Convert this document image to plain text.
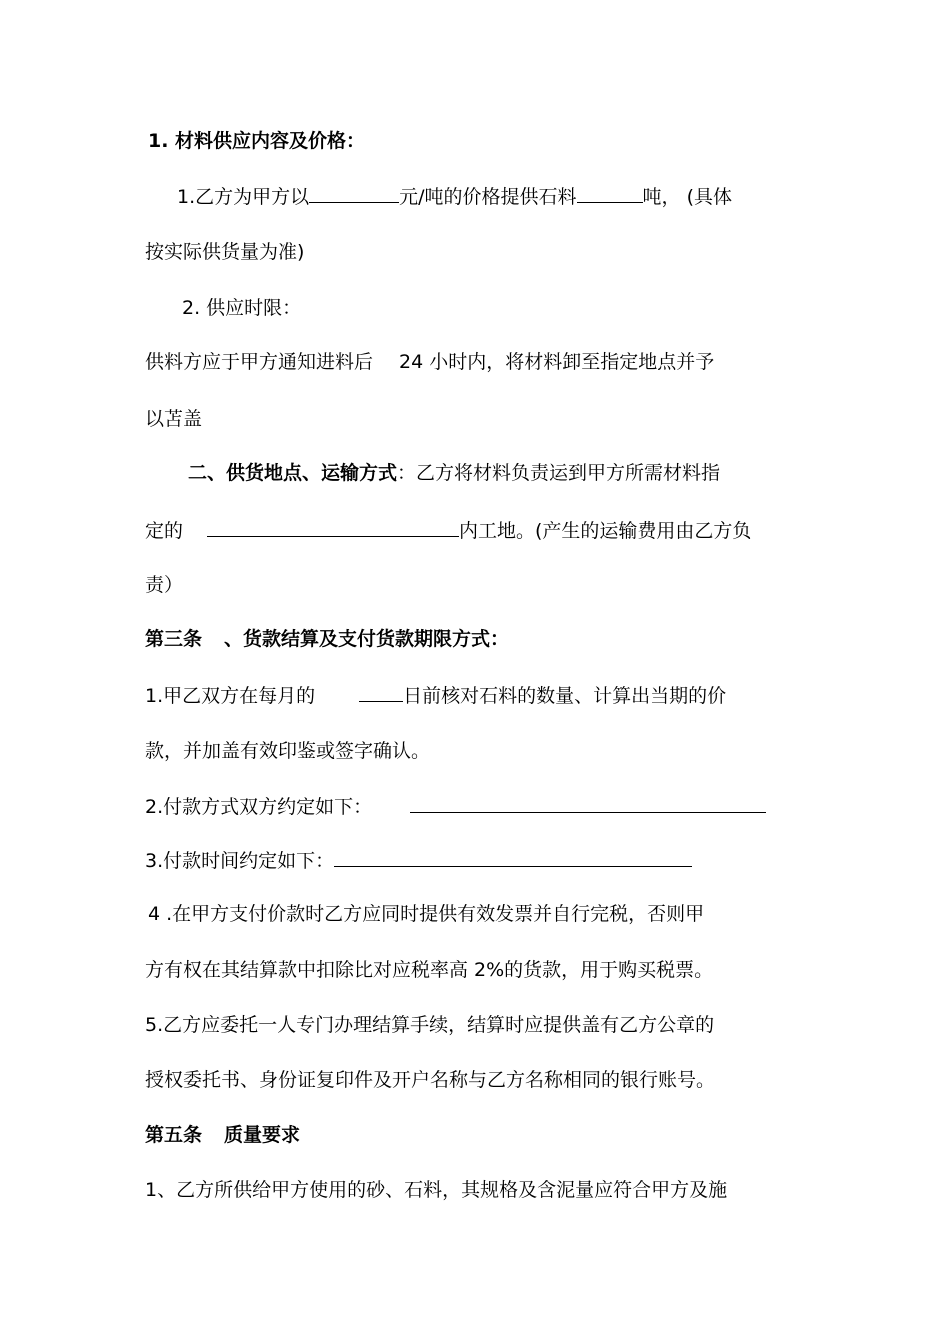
1. 材料供应内容及价格：
1.乙方为甲方以	元/吨的价格提供石料	吨， (具体
按实际供货量为准)
2. 供应时限：
供料方应于甲方通知进料后 24 小时内，将材料卸至指定地点并予
以苫盖
二、供货地点、运输方式：乙方将材料负责运到甲方所需材料指
定的	内工地。(产生的运输费用由乙方负
责）
第三条 、货款结算及支付货款期限方式：
1.甲乙双方在每月的	日前核对石料的数量、计算出当期的价
款，并加盖有效印鉴或签字确认。
2.付款方式双方约定如下：
3.付款时间约定如下：
4 .在甲方支付价款时乙方应同时提供有效发票并自行完税，否则甲
方有权在其结算款中扣除比对应税率高 2%的货款，用于购买税票。
5.乙方应委托一人专门办理结算手续，结算时应提供盖有乙方公章的
授权委托书、身份证复印件及开户名称与乙方名称相同的银行账号。
第五条 质量要求
1、乙方所供给甲方使用的砂、石料，其规格及含泥量应符合甲方及施
